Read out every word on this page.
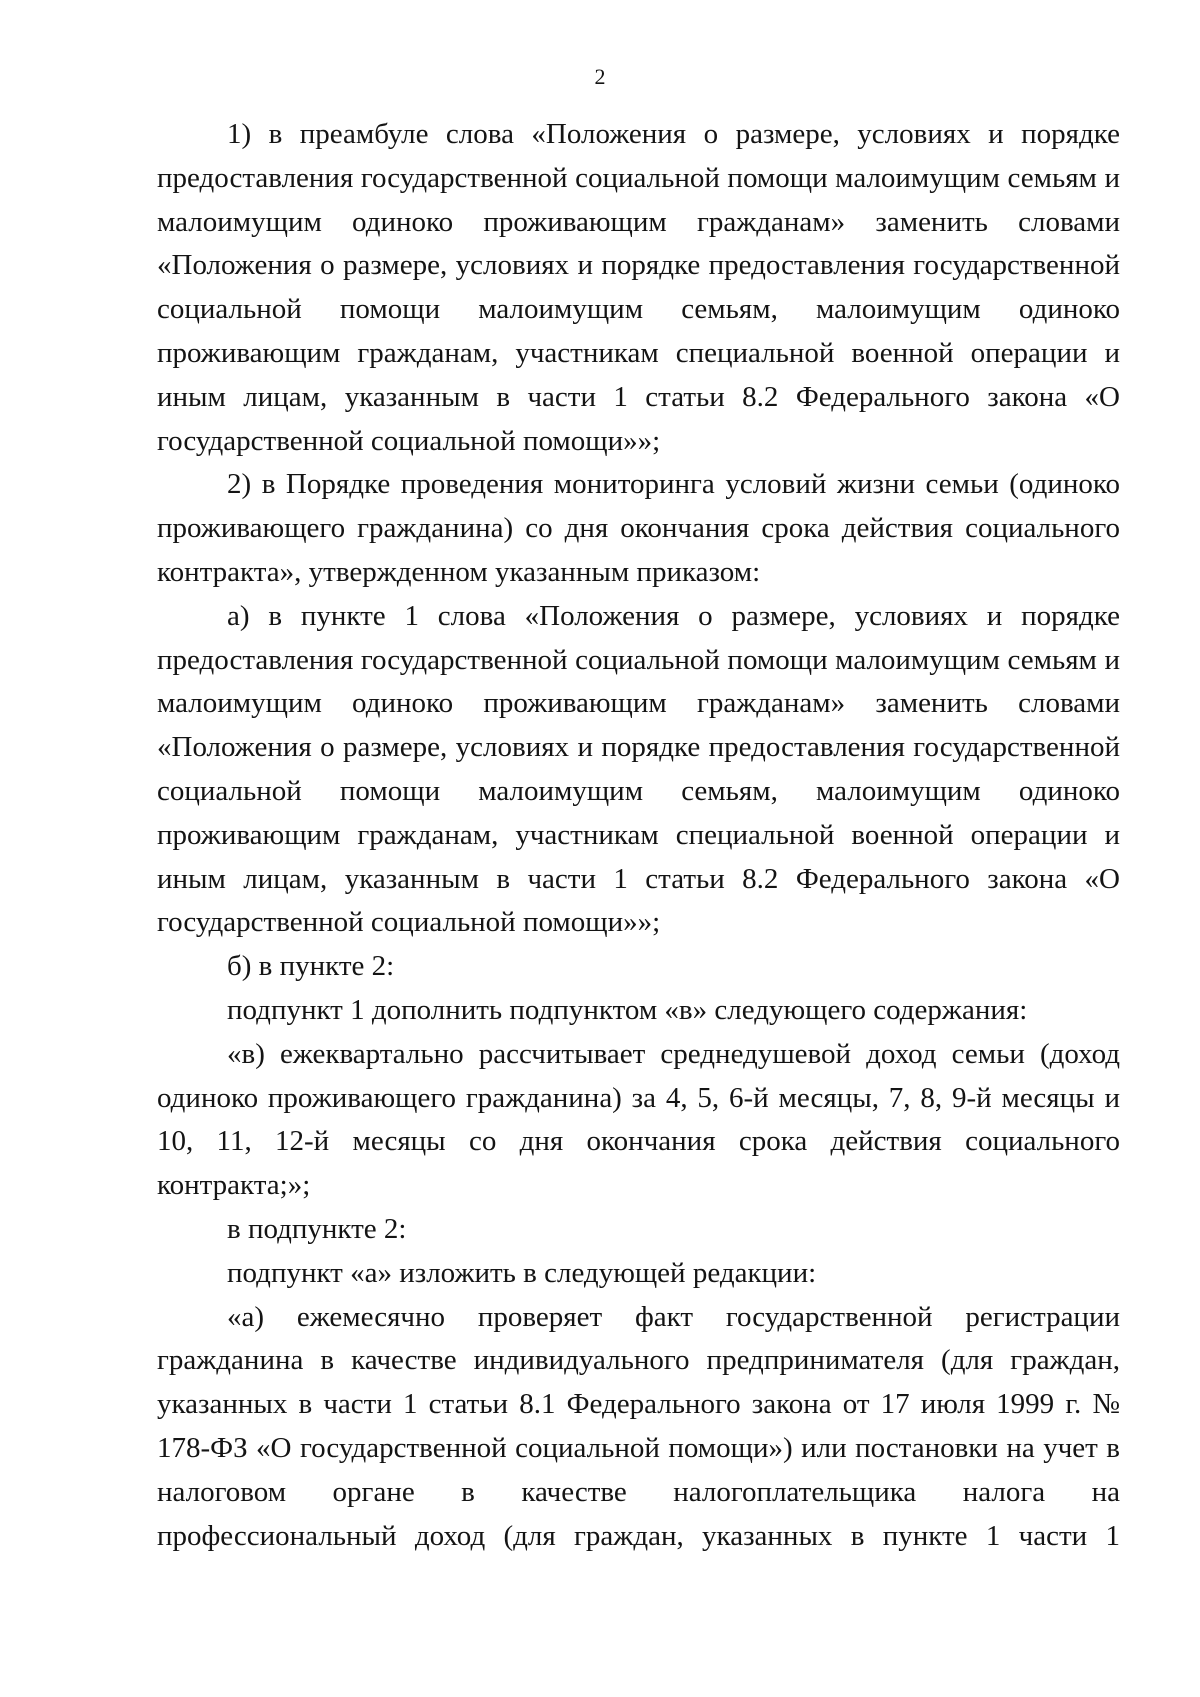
2

1) в преамбуле слова «Положения о размере, условиях и порядке предоставления государственной социальной помощи малоимущим семьям и малоимущим одиноко проживающим гражданам» заменить словами «Положения о размере, условиях и порядке предоставления государственной социальной помощи малоимущим семьям, малоимущим одиноко проживающим гражданам, участникам специальной военной операции и иным лицам, указанным в части 1 статьи 8.2 Федерального закона «О государственной социальной помощи»»;

2) в Порядке проведения мониторинга условий жизни семьи (одиноко проживающего гражданина) со дня окончания срока действия социального контракта», утвержденном указанным приказом:

а) в пункте 1 слова «Положения о размере, условиях и порядке предоставления государственной социальной помощи малоимущим семьям и малоимущим одиноко проживающим гражданам» заменить словами «Положения о размере, условиях и порядке предоставления государственной социальной помощи малоимущим семьям, малоимущим одиноко проживающим гражданам, участникам специальной военной операции и иным лицам, указанным в части 1 статьи 8.2 Федерального закона «О государственной социальной помощи»»;

б) в пункте 2:

подпункт 1 дополнить подпунктом «в» следующего содержания:

«в) ежеквартально рассчитывает среднедушевой доход семьи (доход одиноко проживающего гражданина) за 4, 5, 6-й месяцы, 7, 8, 9-й месяцы и 10, 11, 12-й месяцы со дня окончания срока действия социального контракта;»;

в подпункте 2:

подпункт «а» изложить в следующей редакции:

«а) ежемесячно проверяет факт государственной регистрации гражданина в качестве индивидуального предпринимателя (для граждан, указанных в части 1 статьи 8.1 Федерального закона от 17 июля 1999 г. № 178-ФЗ «О государственной социальной помощи») или постановки на учет в налоговом органе в качестве налогоплательщика налога на профессиональный доход (для граждан, указанных в пункте 1 части 1
